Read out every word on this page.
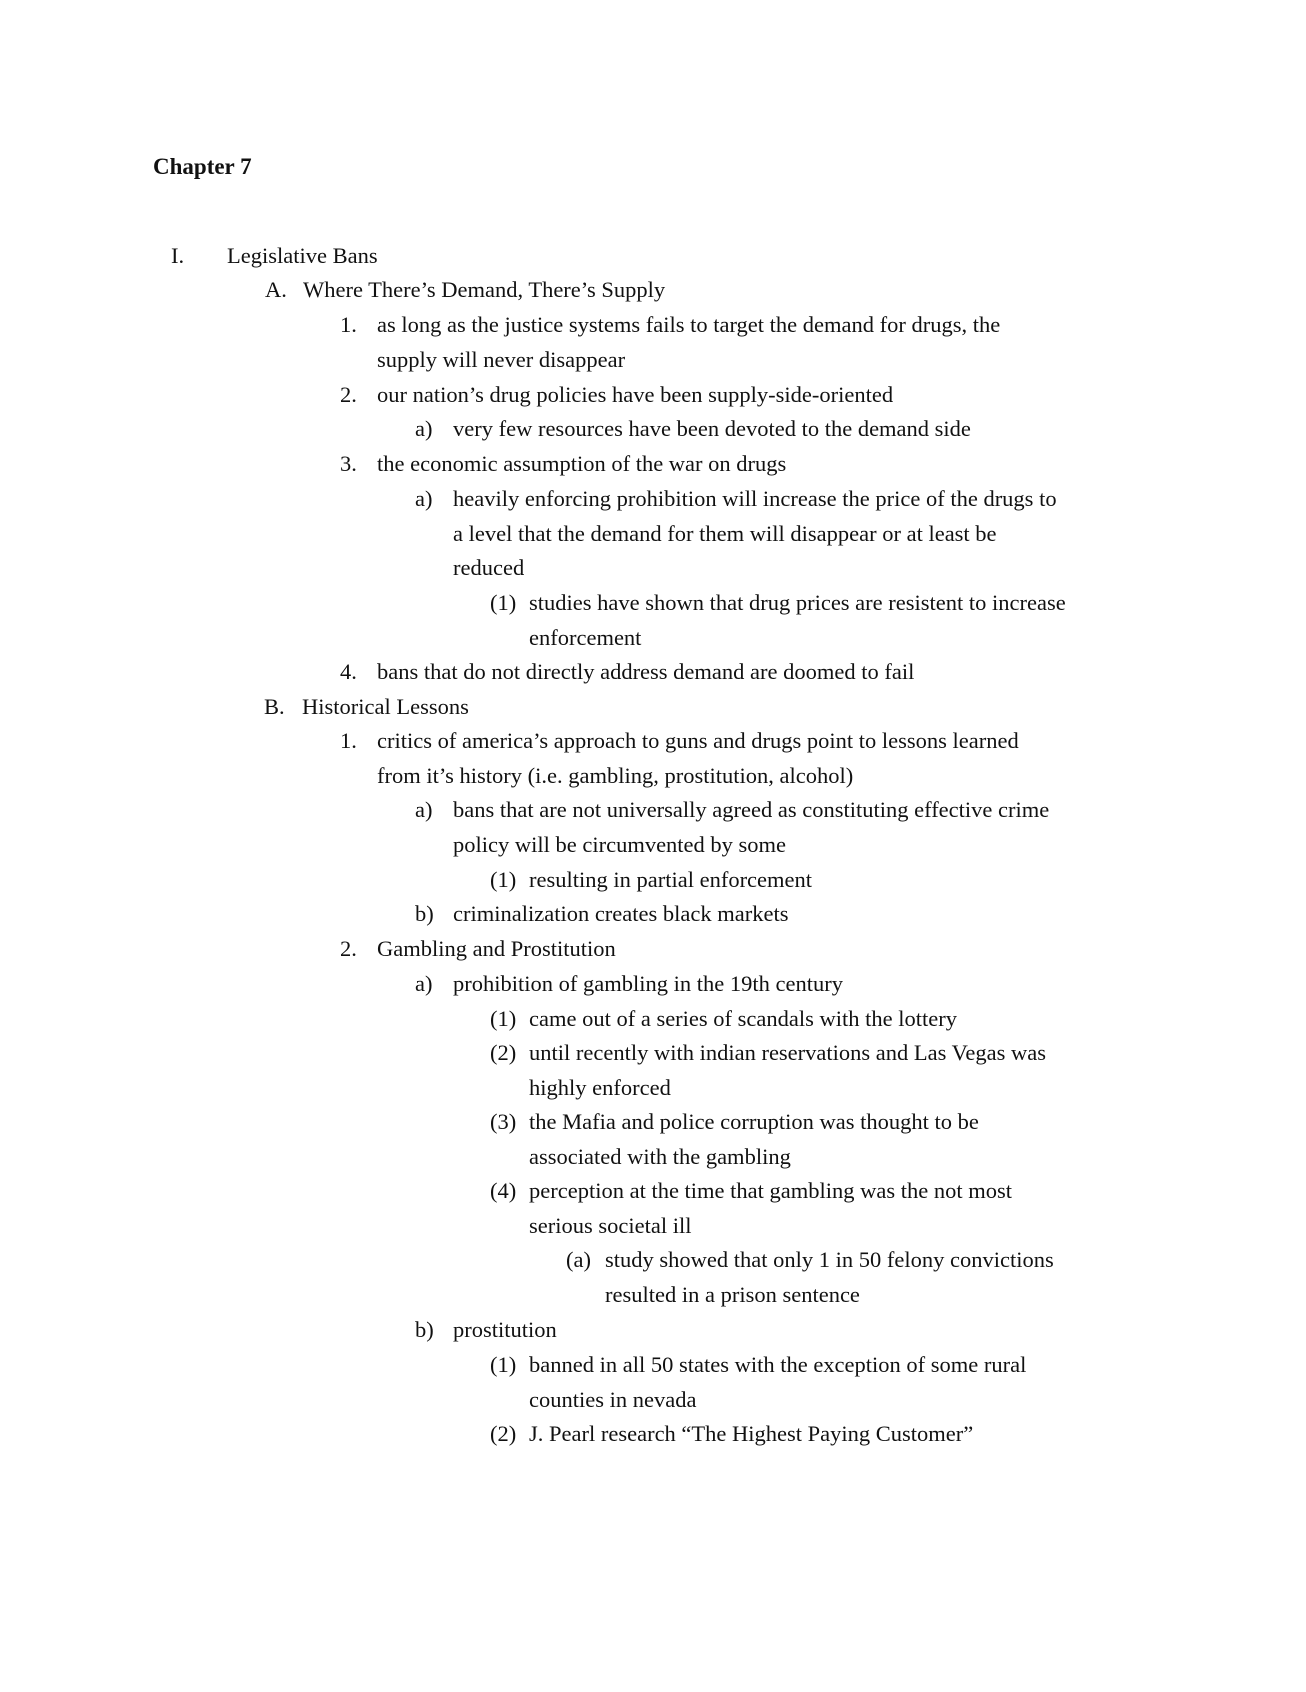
Chapter 7
I. Legislative Bans
A. Where There’s Demand, There’s Supply
1. as long as the justice systems fails to target the demand for drugs, the
supply will never disappear
2. our nation’s drug policies have been supply-side-oriented
a) very few resources have been devoted to the demand side
3. the economic assumption of the war on drugs
a) heavily enforcing prohibition will increase the price of the drugs to
a level that the demand for them will disappear or at least be
reduced
(1) studies have shown that drug prices are resistent to increase
enforcement
4. bans that do not directly address demand are doomed to fail
B. Historical Lessons
1. critics of america’s approach to guns and drugs point to lessons learned
from it’s history (i.e. gambling, prostitution, alcohol)
a) bans that are not universally agreed as constituting effective crime
policy will be circumvented by some
(1) resulting in partial enforcement
b) criminalization creates black markets
2. Gambling and Prostitution
a) prohibition of gambling in the 19th century
(1) came out of a series of scandals with the lottery
(2) until recently with indian reservations and Las Vegas was
highly enforced
(3) the Mafia and police corruption was thought to be
associated with the gambling
(4) perception at the time that gambling was the not most
serious societal ill
(a) study showed that only 1 in 50 felony convictions
resulted in a prison sentence
b) prostitution
(1) banned in all 50 states with the exception of some rural
counties in nevada
(2) J. Pearl research “The Highest Paying Customer”
